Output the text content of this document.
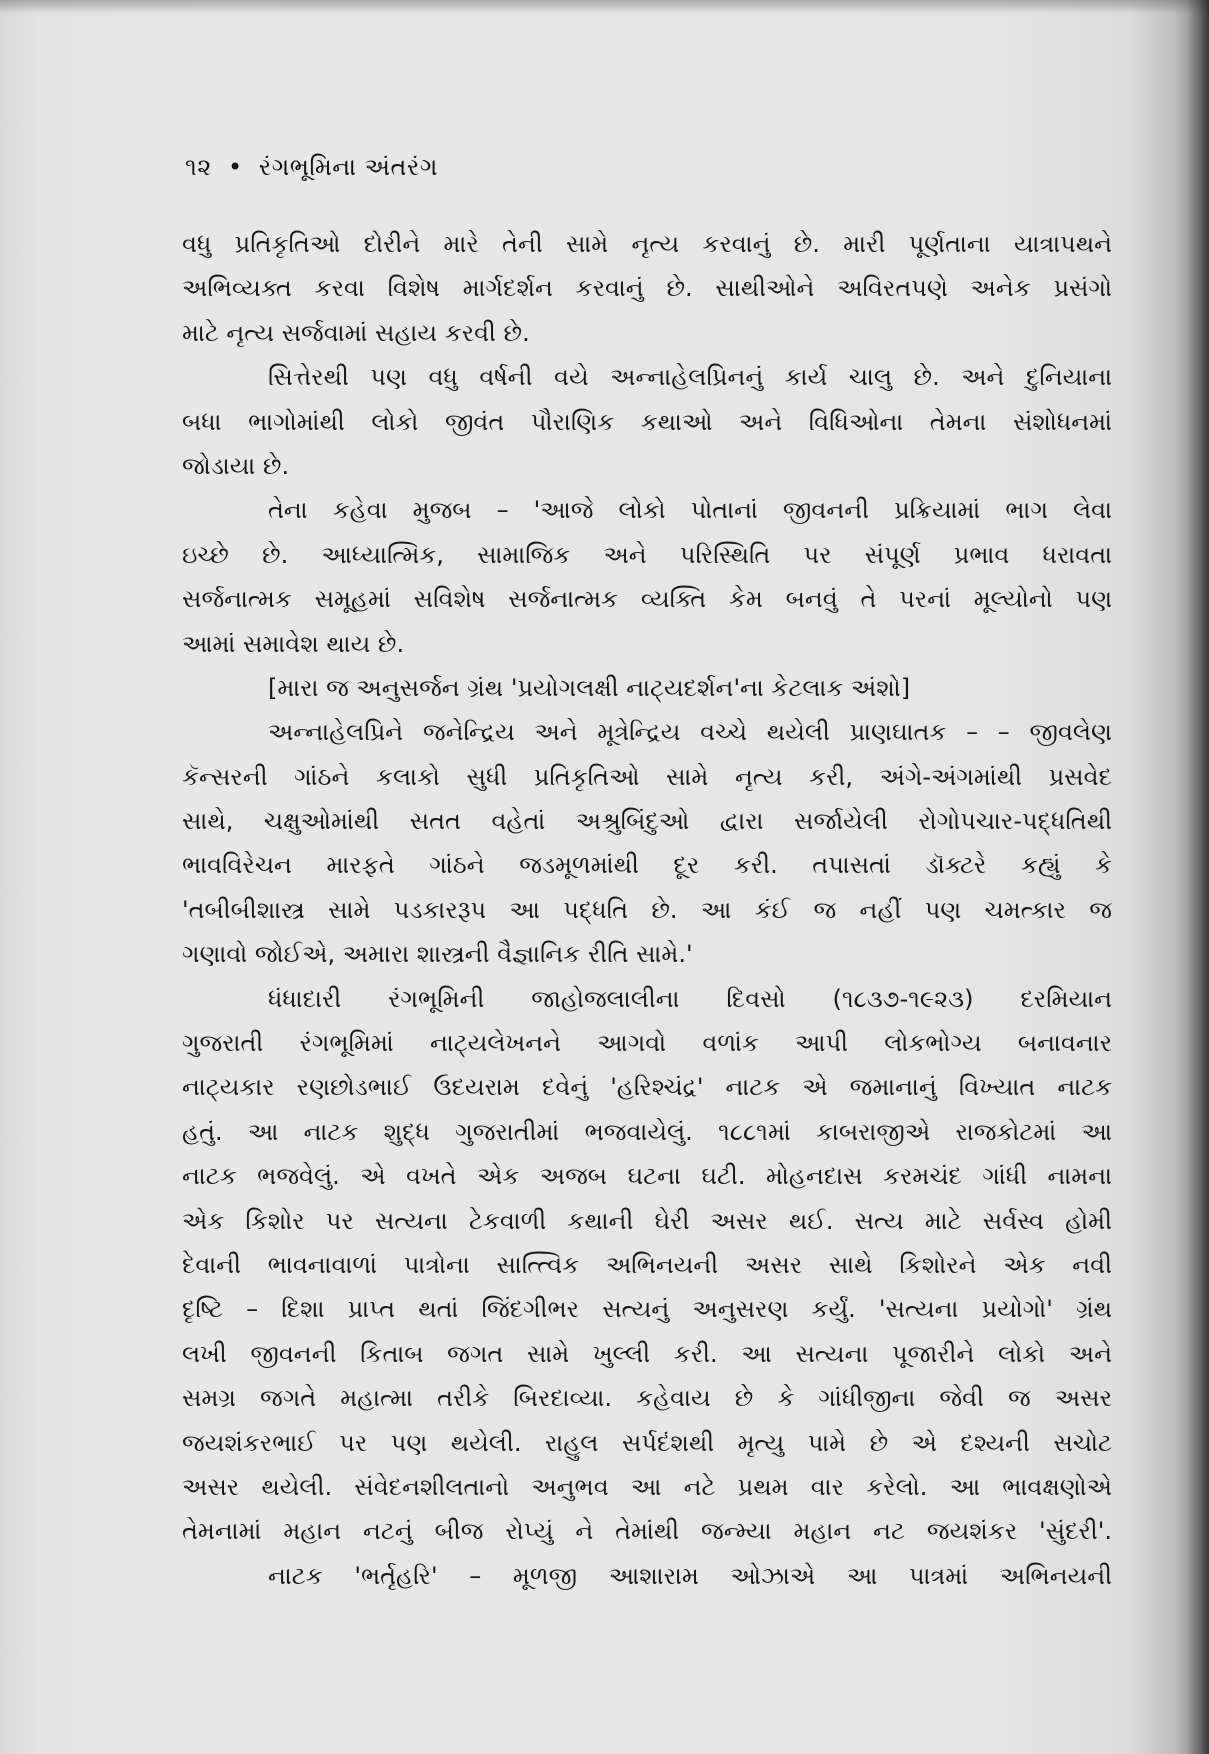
૧૨ • રંગભૂમિના અંતરંગ
વધુ પ્રતિકૃતિઓ દોરીને મારે તેની સામે નૃત્ય કરવાનું છે. મારી પૂર્ણતાના યાત્રાપથને
અભિવ્યક્ત કરવા વિશેષ માર્ગદર્શન કરવાનું છે. સાથીઓને અવિરતપણે અનેક પ્રસંગો
માટે નૃત્ય સર્જવામાં સહાય કરવી છે.
સિત્તેરથી પણ વધુ વર્ષની વયે અન્નાહેલપ્રિનનું કાર્ય ચાલુ છે. અને દુનિયાના
બધા ભાગોમાંથી લોકો જીવંત પૌરાણિક કથાઓ અને વિધિઓના તેમના સંશોધનમાં
જોડાયા છે.
તેના કહેવા મુજબ – 'આજે લોકો પોતાનાં જીવનની પ્રક્રિયામાં ભાગ લેવા
ઇચ્છે છે. આધ્યાત્મિક, સામાજિક અને પરિસ્થિતિ પર સંપૂર્ણ પ્રભાવ ધરાવતા
સર્જનાત્મક સમૂહમાં સવિશેષ સર્જનાત્મક વ્યક્તિ કેમ બનવું તે પરનાં મૂલ્યોનો પણ
આમાં સમાવેશ થાય છે.
[મારા જ અનુસર્જન ગ્રંથ 'પ્રયોગલક્ષી નાટ્યદર્શન'ના કેટલાક અંશો]
અન્નાહેલપ્રિને જનેન્દ્રિય અને મૂત્રેન્દ્રિય વચ્ચે થયેલી પ્રાણઘાતક – – જીવલેણ
કૅન્સરની ગાંઠને કલાકો સુધી પ્રતિકૃતિઓ સામે નૃત્ય કરી, અંગે-અંગમાંથી પ્રસવેદ
સાથે, ચક્ષુઓમાંથી સતત વહેતાં અશ્રુબિંદુઓ દ્વારા સર્જાયેલી રોગોપચાર-પદ્ધતિથી
ભાવવિરેચન મારફતે ગાંઠને જડમૂળમાંથી દૂર કરી. તપાસતાં ડૉક્ટરે કહ્યું કે
'તબીબીશાસ્ત્ર સામે પડકારરૂપ આ પદ્ધતિ છે. આ કંઈ જ નહીં પણ ચમત્કાર જ
ગણાવો જોઈએ, અમારા શાસ્ત્રની વૈજ્ઞાનિક રીતિ સામે.'
ધંધાદારી રંગભૂમિની જાહોજલાલીના દિવસો (૧૮૩૭-૧૯૨૩) દરમિયાન
ગુજરાતી રંગભૂમિમાં નાટ્યલેખનને આગવો વળાંક આપી લોકભોગ્ય બનાવનાર
નાટ્યકાર રણછોડભાઈ ઉદયરામ દવેનું 'હરિશ્ચંદ્ર' નાટક એ જમાનાનું વિખ્યાત નાટક
હતું. આ નાટક શુદ્ધ ગુજરાતીમાં ભજવાયેલું. ૧૮૮૧માં કાબરાજીએ રાજકોટમાં આ
નાટક ભજવેલું. એ વખતે એક અજબ ઘટના ઘટી. મોહનદાસ કરમચંદ ગાંધી નામના
એક કિશોર પર સત્યના ટેકવાળી કથાની ઘેરી અસર થઈ. સત્ય માટે સર્વસ્વ હોમી
દેવાની ભાવનાવાળાં પાત્રોના સાત્ત્વિક અભિનયની અસર સાથે કિશોરને એક નવી
દૃષ્ટિ – દિશા પ્રાપ્ત થતાં જિંદગીભર સત્યનું અનુસરણ કર્યું. 'સત્યના પ્રયોગો' ગ્રંથ
લખી જીવનની કિતાબ જગત સામે ખુલ્લી કરી. આ સત્યના પૂજારીને લોકો અને
સમગ્ર જગતે મહાત્મા તરીકે બિરદાવ્યા. કહેવાય છે કે ગાંધીજીના જેવી જ અસર
જયશંકરભાઈ પર પણ થયેલી. રાહુલ સર્પદંશથી મૃત્યુ પામે છે એ દશ્યની સચોટ
અસર થયેલી. સંવેદનશીલતાનો અનુભવ આ નટે પ્રથમ વાર કરેલો. આ ભાવક્ષણોએ
તેમનામાં મહાન નટનું બીજ રોપ્યું ને તેમાંથી જન્મ્યા મહાન નટ જયશંકર 'સુંદરી'.
નાટક 'ભર્તૃહરિ' – મૂળજી આશારામ ઓઝાએ આ પાત્રમાં અભિનયની
